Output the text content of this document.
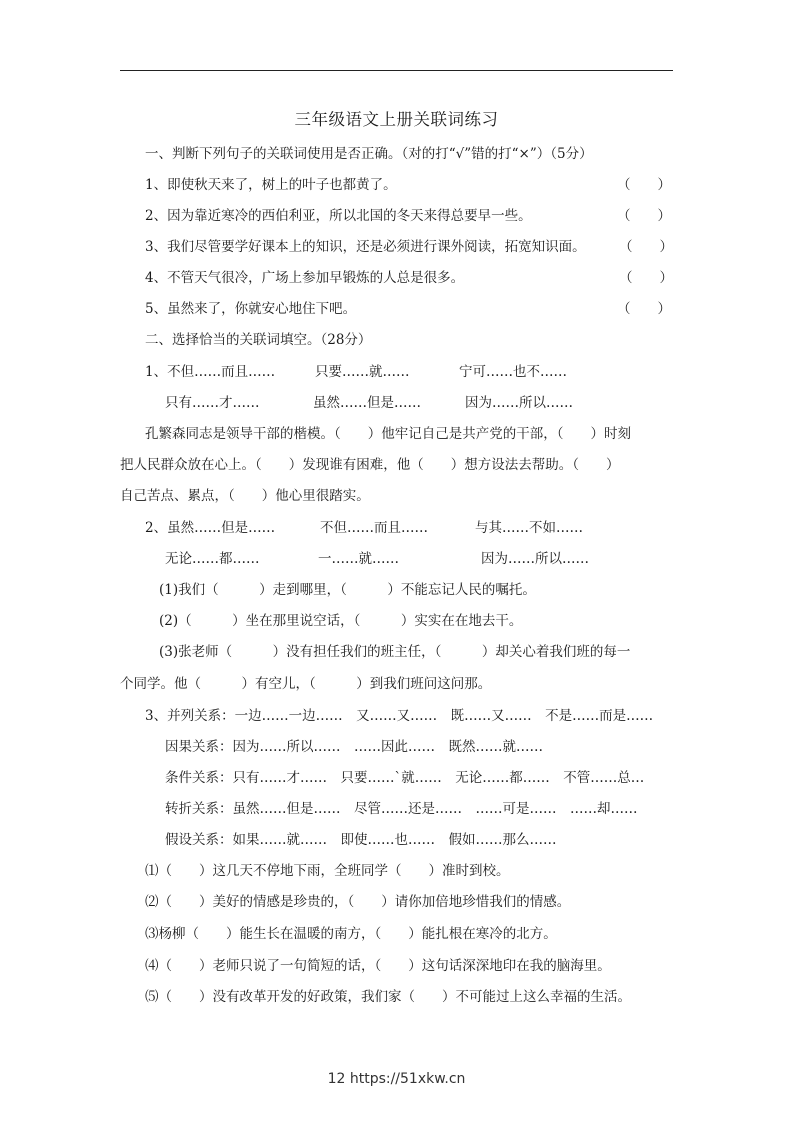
三年级语文上册关联词练习
一、判断下列句子的关联词使用是否正确。（对的打“√”错的打“×”）（5分）
1、即使秋天来了，树上的叶子也都黄了。	（　　）
2、因为靠近寒冷的西伯利亚，所以北国的冬天来得总要早一些。	（　　）
3、我们尽管要学好课本上的知识，还是必须进行课外阅读，拓宽知识面。 （　　）
4、不管天气很冷，广场上参加早锻炼的人总是很多。	（　　）
5、虽然来了，你就安心地住下吧。	（　　）
二、选择恰当的关联词填空。（28分）
1、不但……而且……	只要……就……	宁可……也不……
只有……才……	虽然……但是……	因为……所以……
孔繁森同志是领导干部的楷模。（　　）他牢记自己是共产党的干部，（　　）时刻
把人民群众放在心上。（　　）发现谁有困难，他（　　）想方设法去帮助。（　　）
自己苦点、累点，（　　）他心里很踏实。
2、虽然……但是……	不但……而且……	与其……不如……
无论……都……	一……就……	因为……所以……
(1)我们（　　　）走到哪里，（　　　）不能忘记人民的嘱托。
(2)（　　　）坐在那里说空话，（　　　）实实在在地去干。
(3)张老师（　　　）没有担任我们的班主任，（　　　）却关心着我们班的每一
个同学。他（　　　）有空儿，（　　　）到我们班问这问那。
3、并列关系：一边……一边……　又……又……　既……又……　不是……而是……
因果关系：因为……所以……　……因此……　既然……就……
条件关系：只有……才……　只要……`就……　无论……都……　不管……总…
转折关系：虽然……但是……　尽管……还是……　……可是……　……却……
假设关系：如果……就……　即使……也……　假如……那么……
⑴（　　）这几天不停地下雨，全班同学（　　）准时到校。
⑵（　　）美好的情感是珍贵的，（　　）请你加倍地珍惜我们的情感。
⑶杨柳（　　）能生长在温暖的南方，（　　）能扎根在寒冷的北方。
⑷（　　）老师只说了一句简短的话，（　　）这句话深深地印在我的脑海里。
⑸（　　）没有改革开发的好政策，我们家（　　）不可能过上这么幸福的生活。
12 https://51xkw.cn
